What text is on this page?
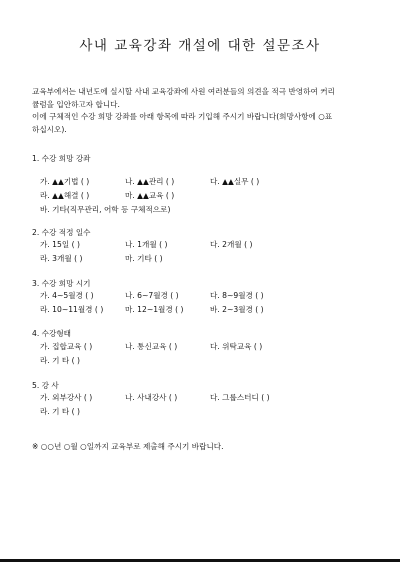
사내 교육강좌 개설에 대한 설문조사

교육부에서는 내년도에 실시할 사내 교육강좌에 사원 여러분들의 의견을 적극 반영하여 커리

큘럼을 입안하고자 합니다.

이에 구체적인 수강 희망 강좌를 아래 항목에 따라 기입해 주시기 바랍니다(희망사항에 ○표

하십시오).

1. 수강 희망 강좌
가. ▲▲기법 ( )	나. ▲▲관리 ( )	다. ▲▲실무 ( )
라. ▲▲해결 ( )	마. ▲▲교육 ( )
바. 기타(직무관리, 어학 등 구체적으로)
2. 수강 적정 일수
가. 15일 ( )	나. 1개월 ( )	다. 2개월 ( )
라. 3개월 ( )	마. 기타 ( )
3. 수강 희망 시기
가. 4~5월경 ( )	나. 6~7월경 ( )	다. 8~9월경 ( )
라. 10~11월경 ( )	마. 12~1월경 ( )	바. 2~3월경 ( )
4. 수강형태
가. 집합교육 ( )	나. 통신교육 ( )	다. 위탁교육 ( )
라. 기 타 ( )
5. 강 사
가. 외부강사 ( )	나. 사내강사 ( )	다. 그룹스터디 ( )
라. 기 타 ( )
※ ○○년 ○월 ○일까지 교육부로 제출해 주시기 바랍니다.
